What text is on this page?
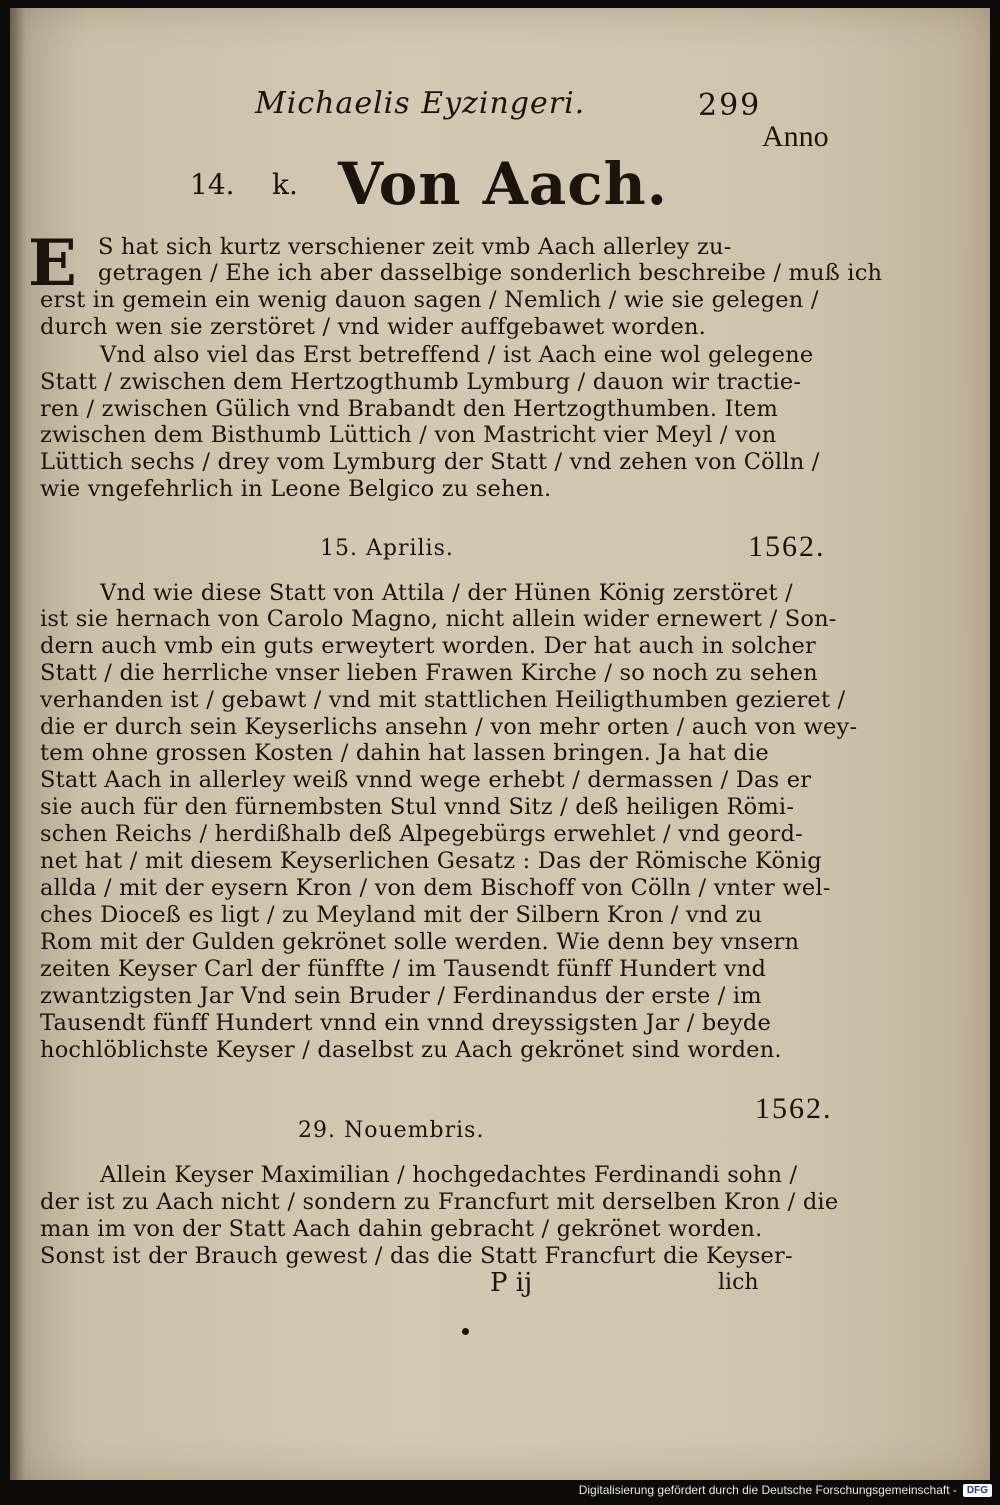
Michaelis Eyzingeri.	299
Anno
14. k. Von Aach.
E S hat sich kurtz verschiener zeit vmb Aach allerley zu-
getragen / Ehe ich aber dasselbige sonderlich beschreibe / muß ich
erst in gemein ein wenig dauon sagen / Nemlich / wie sie gelegen /
durch wen sie zerstöret / vnd wider auffgebawet worden.
Vnd also viel das Erst betreffend / ist Aach eine wol gelegene
Statt / zwischen dem Hertzogthumb Lymburg / dauon wir tractie-
ren / zwischen Gülich vnd Brabandt den Hertzogthumben. Item
zwischen dem Bisthumb Lüttich / von Mastricht vier Meyl / von
Lüttich sechs / drey vom Lymburg der Statt / vnd zehen von Cölln /
wie vngefehrlich in Leone Belgico zu sehen.
15. Aprilis.	1562.
Vnd wie diese Statt von Attila / der Hünen König zerstöret /
ist sie hernach von Carolo Magno, nicht allein wider ernewert / Son-
dern auch vmb ein guts erweytert worden. Der hat auch in solcher
Statt / die herrliche vnser lieben Frawen Kirche / so noch zu sehen
verhanden ist / gebawt / vnd mit stattlichen Heiligthumben gezieret /
die er durch sein Keyserlichs ansehn / von mehr orten / auch von wey-
tem ohne grossen Kosten / dahin hat lassen bringen. Ja hat die
Statt Aach in allerley weiß vnnd wege erhebt / dermassen / Das er
sie auch für den fürnembsten Stul vnnd Sitz / deß heiligen Römi-
schen Reichs / herdißhalb deß Alpegebürgs erwehlet / vnd geord-
net hat / mit diesem Keyserlichen Gesatz : Das der Römische König
allda / mit der eysern Kron / von dem Bischoff von Cölln / vnter wel-
ches Dioceß es ligt / zu Meyland mit der Silbern Kron / vnd zu
Rom mit der Gulden gekrönet solle werden. Wie denn bey vnsern
zeiten Keyser Carl der fünffte / im Tausendt fünff Hundert vnd
zwantzigsten Jar Vnd sein Bruder / Ferdinandus der erste / im
Tausendt fünff Hundert vnnd ein vnnd dreyssigsten Jar / beyde
hochlöblichste Keyser / daselbst zu Aach gekrönet sind worden.
1562.
29. Nouembris.
Allein Keyser Maximilian / hochgedachtes Ferdinandi sohn /
der ist zu Aach nicht / sondern zu Francfurt mit derselben Kron / die
man im von der Statt Aach dahin gebracht / gekrönet worden.
Sonst ist der Brauch gewest / das die Statt Francfurt die Keyser-
P ij	lich
Digitalisierung gefördert durch die Deutsche Forschungsgemeinschaft -	DFG
